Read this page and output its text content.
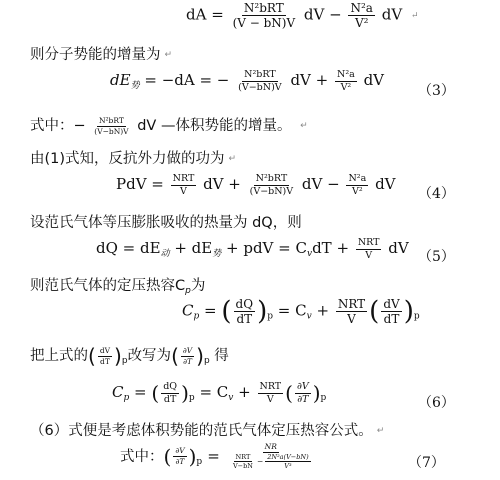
dA = $\frac{\text{N²bRT}}{(V - bN)V}$ dV − $\frac{\text{N²a}}{\text{V²}}$ dV ↵
则分子势能的增量为 ↵
$dE_势 = -dA$ = − $\frac{\text{N²bRT}}{(V-bN)V}$ dV + $\frac{\text{N²a}}{\text{V²}}$ dV
（3）
式中：− $\frac{\text{N²bRT}}{(V-bN)V}$ dV —体积势能的增量。 ↵
由(1)式知，反抗外力做的功为 ↵
PdV = $\frac{\text{NRT}}{V}$ dV + $\frac{\text{N²bRT}}{(V-bN)V}$ dV − $\frac{\text{N²a}}{\text{V²}}$ dV
（4）
设范氏气体等压膨胀吸收的热量为 dQ，则
dQ = $dE_动 + dE_势$ + pdV = $C_vdT + \frac{\text{NRT}}{V}$ dV （5）
则范氏气体的定压热容$C_p$为
$C_p$ = ( $\frac{dQ}{dT} )_p = C_v + \frac{\text{NRT}}{V}$ ( $\frac{dV}{dT} )_p$
把上式的( $\frac{dV}{dT} )_p$改写为( $\frac{\partial V}{\partial T} )_p$ 得
$C_p$ = ( $\frac{dQ}{dT} )_p = C_v + \frac{\text{NRT}}{V}$ ( $\frac{\partial V}{\partial T} )_p$	（6）
（6）式便是考虑体积势能的范氏气体定压热容公式。 ↵
式中：( $\frac{\partial V}{\partial T} )_p$ =
NR
$\frac{\text{NRT}}{V-bN} - \frac{\text{2N²a(V−bN)}}{\text{V³}}$	（7）
